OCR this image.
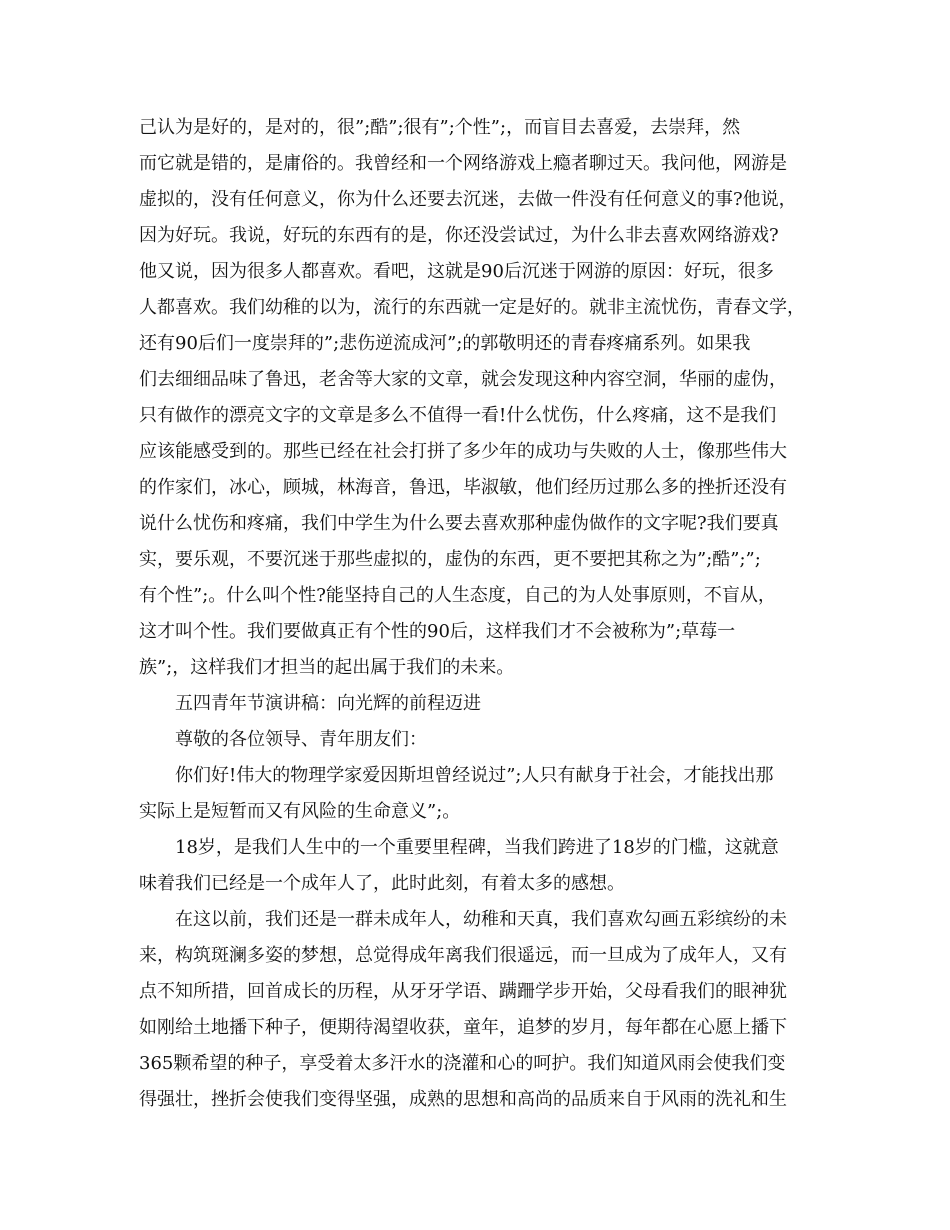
己认为是好的，是对的，很”;酷”;很有”;个性”;，而盲目去喜爱，去崇拜，然
而它就是错的，是庸俗的。我曾经和一个网络游戏上瘾者聊过天。我问他，网游是
虚拟的，没有任何意义，你为什么还要去沉迷，去做一件没有任何意义的事?他说，
因为好玩。我说，好玩的东西有的是，你还没尝试过，为什么非去喜欢网络游戏?
他又说，因为很多人都喜欢。看吧，这就是90后沉迷于网游的原因：好玩，很多
人都喜欢。我们幼稚的以为，流行的东西就一定是好的。就非主流忧伤，青春文学，
还有90后们一度崇拜的”;悲伤逆流成河”;的郭敬明还的青春疼痛系列。如果我
们去细细品味了鲁迅，老舍等大家的文章，就会发现这种内容空洞，华丽的虚伪，
只有做作的漂亮文字的文章是多么不值得一看!什么忧伤，什么疼痛，这不是我们
应该能感受到的。那些已经在社会打拼了多少年的成功与失败的人士，像那些伟大
的作家们，冰心，顾城，林海音，鲁迅，毕淑敏，他们经历过那么多的挫折还没有
说什么忧伤和疼痛，我们中学生为什么要去喜欢那种虚伪做作的文字呢?我们要真
实，要乐观，不要沉迷于那些虚拟的，虚伪的东西，更不要把其称之为”;酷”;”;
有个性”;。什么叫个性?能坚持自己的人生态度，自己的为人处事原则，不盲从，
这才叫个性。我们要做真正有个性的90后，这样我们才不会被称为”;草莓一
族”;，这样我们才担当的起出属于我们的未来。
五四青年节演讲稿：向光辉的前程迈进
尊敬的各位领导、青年朋友们：
你们好!伟大的物理学家爱因斯坦曾经说过”;人只有献身于社会，才能找出那
实际上是短暂而又有风险的生命意义”;。
18岁，是我们人生中的一个重要里程碑，当我们跨进了18岁的门槛，这就意
味着我们已经是一个成年人了，此时此刻，有着太多的感想。
在这以前，我们还是一群未成年人，幼稚和天真，我们喜欢勾画五彩缤纷的未
来，构筑斑澜多姿的梦想，总觉得成年离我们很遥远，而一旦成为了成年人，又有
点不知所措，回首成长的历程，从牙牙学语、蹒跚学步开始，父母看我们的眼神犹
如刚给土地播下种子，便期待渴望收获，童年，追梦的岁月，每年都在心愿上播下
365颗希望的种子，享受着太多汗水的浇灌和心的呵护。我们知道风雨会使我们变
得强壮，挫折会使我们变得坚强，成熟的思想和高尚的品质来自于风雨的洗礼和生
